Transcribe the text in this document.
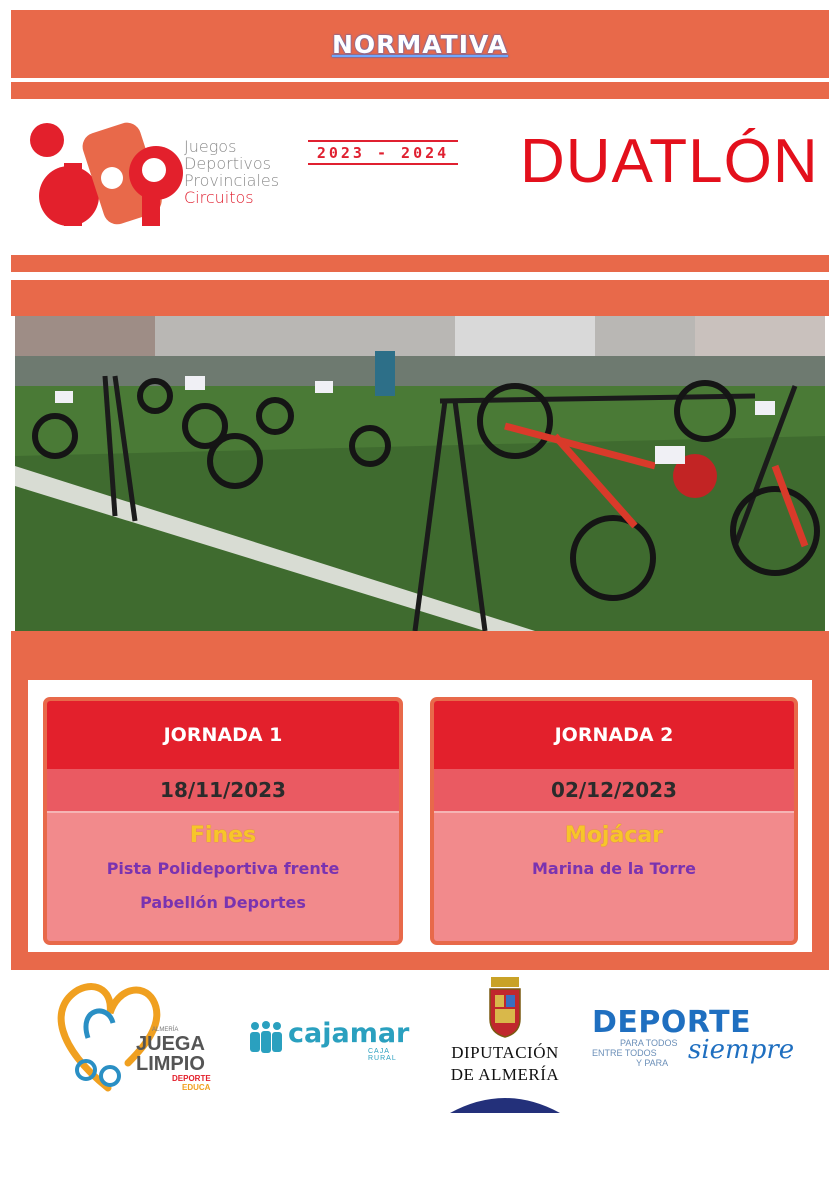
NORMATIVA
Juegos
Deportivos
Provinciales
Circuitos
2023 - 2024 DUATLÓN
JORNADA 1
18/11/2023
Fines
Pista Polideportiva frente
Pabellón Deportes
JORNADA 2
02/12/2023
Mojácar
Marina de la Torre
ALMERÍA
JUEGA
LIMPIO
DEPORTE
EDUCA
cajamar
CAJA RURAL	DIPUTACIÓN
DE ALMERÍA
DEPORTE
PARA TODOS
ENTRE TODOS
Y PARA siempre
